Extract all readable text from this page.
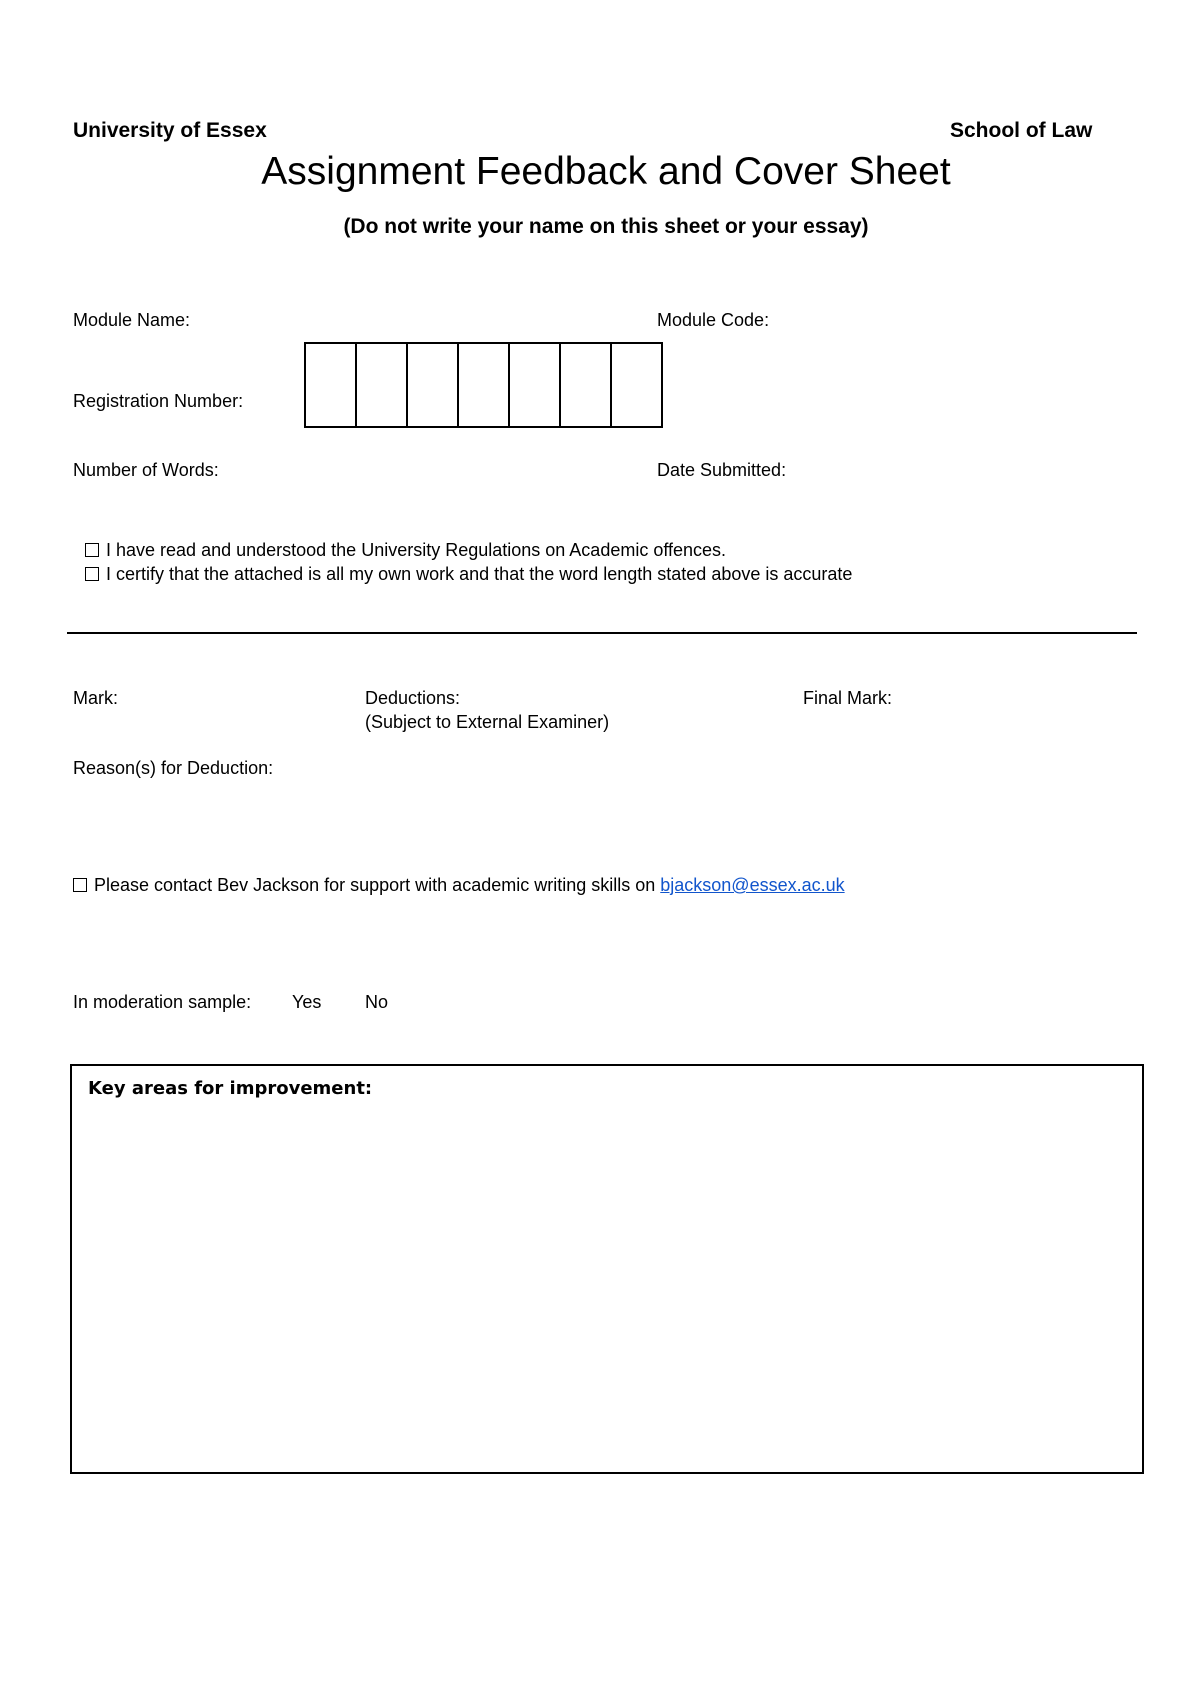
University of Essex	School of Law
Assignment Feedback and Cover Sheet
(Do not write your name on this sheet or your essay)
Module Name:	Module Code:
Registration Number:
Number of Words:	Date Submitted:
I have read and understood the University Regulations on Academic offences.
I certify that the attached is all my own work and that the word length stated above is accurate
Mark:	Deductions:
(Subject to External Examiner)
Final Mark:
Reason(s) for Deduction:
Please contact Bev Jackson for support with academic writing skills on bjackson@essex.ac.uk
In moderation sample: Yes No
Key areas for improvement:
